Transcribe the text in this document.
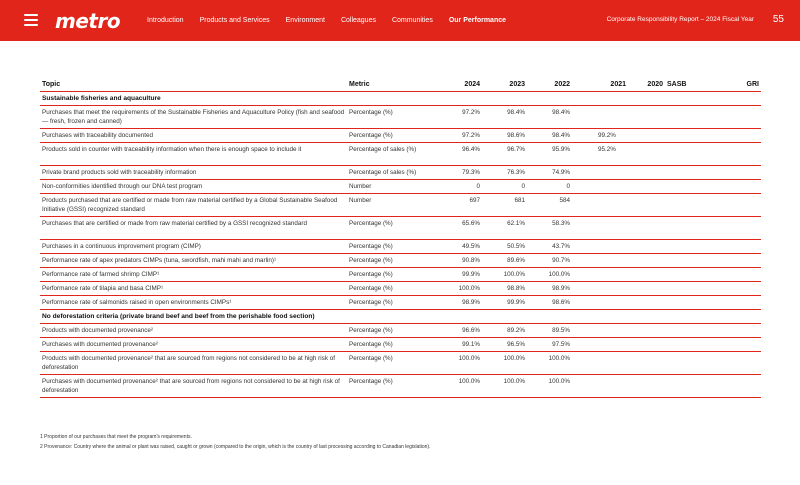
metro	Introduction Products and Services Environment Colleagues Communities Our Performance	Corporate Responsibility Report – 2024 Fiscal Year 55
Topic	Metric	2024	2023	2022	2021	2020	SASB	GRI
Sustainable fisheries and aquaculture								
Purchases that meet the requirements of the Sustainable Fisheries and Aquaculture Policy (fish and seafood — fresh, frozen and canned)	Percentage (%)	97.2%	98.4%	98.4%				
Purchases with traceability documented	Percentage (%)	97.2%	98.6%	98.4%	99.2%			
Products sold in counter with traceability information when there is enough space to include it	Percentage of sales (%)	96.4%	96.7%	95.9%	95.2%			
Private brand products sold with traceability information	Percentage of sales (%)	79.3%	76.3%	74.9%				
Non-conformities identified through our DNA test program	Number	0	0	0				
Products purchased that are certified or made from raw material certified by a Global Sustainable Seafood Initiative (GSSI) recognized standard	Number	697	681	584				
Purchases that are certified or made from raw material certified by a GSSI recognized standard	Percentage (%)	65.6%	62.1%	58.3%				
Purchases in a continuous improvement program (CIMP)	Percentage (%)	49.5%	50.5%	43.7%				
Performance rate of apex predators CIMPs (tuna, swordfish, mahi mahi and marlin)¹	Percentage (%)	90.8%	89.6%	90.7%				
Performance rate of farmed shrimp CIMP¹	Percentage (%)	99.9%	100.0%	100.0%				
Performance rate of tilapia and basa CIMP¹	Percentage (%)	100.0%	98.8%	98.9%				
Performance rate of salmonids raised in open environments CIMPs¹	Percentage (%)	98.9%	99.9%	98.6%				
No deforestation criteria (private brand beef and beef from the perishable food section)								
Products with documented provenance²	Percentage (%)	96.6%	89.2%	89.5%				
Purchases with documented provenance²	Percentage (%)	99.1%	96.5%	97.5%				
Products with documented provenance² that are sourced from regions not considered to be at high risk of deforestation	Percentage (%)	100.0%	100.0%	100.0%				
Purchases with documented provenance² that are sourced from regions not considered to be at high risk of deforestation	Percentage (%)	100.0%	100.0%	100.0%				
1 Proportion of our purchases that meet the program's requirements.
2 Provenance: Country where the animal or plant was raised, caught or grown (compared to the origin, which is the country of last processing according to Canadian legislation).
